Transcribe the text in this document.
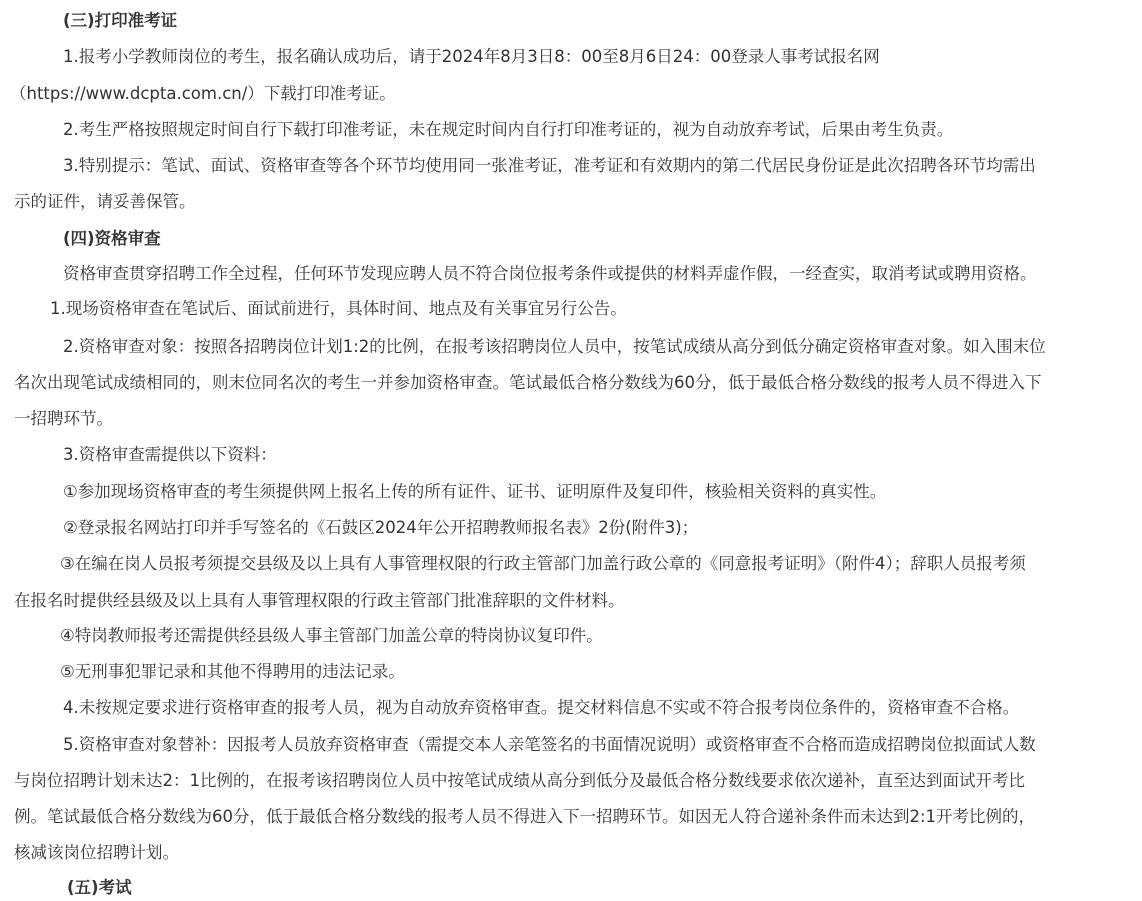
(三)打印准考证
1.报考小学教师岗位的考生，报名确认成功后，请于2024年8月3日8：00至8月6日24：00登录人事考试报名网
（https://www.dcpta.com.cn/）下载打印准考证。
2.考生严格按照规定时间自行下载打印准考证，未在规定时间内自行打印准考证的，视为自动放弃考试，后果由考生负责。
3.特别提示：笔试、面试、资格审查等各个环节均使用同一张准考证，准考证和有效期内的第二代居民身份证是此次招聘各环节均需出
示的证件，请妥善保管。
(四)资格审查
资格审查贯穿招聘工作全过程，任何环节发现应聘人员不符合岗位报考条件或提供的材料弄虚作假，一经查实，取消考试或聘用资格。
1.现场资格审查在笔试后、面试前进行，具体时间、地点及有关事宜另行公告。
2.资格审查对象：按照各招聘岗位计划1:2的比例，在报考该招聘岗位人员中，按笔试成绩从高分到低分确定资格审查对象。如入围末位
名次出现笔试成绩相同的，则末位同名次的考生一并参加资格审查。笔试最低合格分数线为60分，低于最低合格分数线的报考人员不得进入下
一招聘环节。
3.资格审查需提供以下资料：
①参加现场资格审查的考生须提供网上报名上传的所有证件、证书、证明原件及复印件，核验相关资料的真实性。
②登录报名网站打印并手写签名的《石鼓区2024年公开招聘教师报名表》2份(附件3)；
③在编在岗人员报考须提交县级及以上具有人事管理权限的行政主管部门加盖行政公章的《同意报考证明》（附件4）；辞职人员报考须
在报名时提供经县级及以上具有人事管理权限的行政主管部门批准辞职的文件材料。
④特岗教师报考还需提供经县级人事主管部门加盖公章的特岗协议复印件。
⑤无刑事犯罪记录和其他不得聘用的违法记录。
4.未按规定要求进行资格审查的报考人员，视为自动放弃资格审查。提交材料信息不实或不符合报考岗位条件的，资格审查不合格。
5.资格审查对象替补：因报考人员放弃资格审查（需提交本人亲笔签名的书面情况说明）或资格审查不合格而造成招聘岗位拟面试人数
与岗位招聘计划未达2：1比例的，在报考该招聘岗位人员中按笔试成绩从高分到低分及最低合格分数线要求依次递补，直至达到面试开考比
例。笔试最低合格分数线为60分，低于最低合格分数线的报考人员不得进入下一招聘环节。如因无人符合递补条件而未达到2:1开考比例的，
核减该岗位招聘计划。
(五)考试
